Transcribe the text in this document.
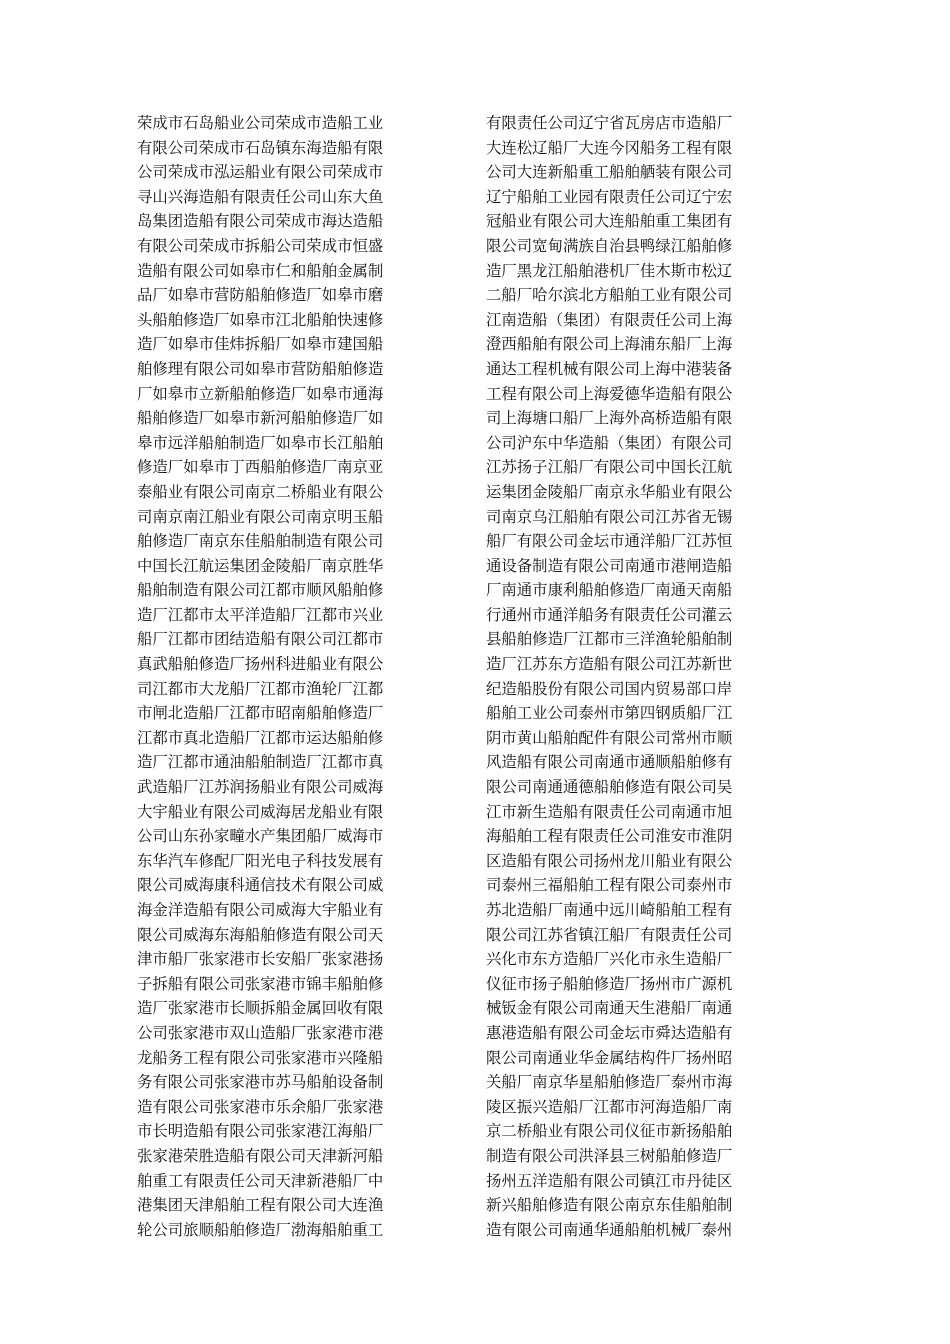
荣成市石岛船业公司荣成市造船工业
有限公司荣成市石岛镇东海造船有限
公司荣成市泓运船业有限公司荣成市
寻山兴海造船有限责任公司山东大鱼
岛集团造船有限公司荣成市海达造船
有限公司荣成市拆船公司荣成市恒盛
造船有限公司如皋市仁和船舶金属制
品厂如皋市营防船舶修造厂如皋市磨
头船舶修造厂如皋市江北船舶快速修
造厂如皋市佳炜拆船厂如皋市建国船
舶修理有限公司如皋市营防船舶修造
厂如皋市立新船舶修造厂如皋市通海
船舶修造厂如皋市新河船舶修造厂如
皋市远洋船舶制造厂如皋市长江船舶
修造厂如皋市丁西船舶修造厂南京亚
泰船业有限公司南京二桥船业有限公
司南京南江船业有限公司南京明玉船
舶修造厂南京东佳船舶制造有限公司
中国长江航运集团金陵船厂南京胜华
船舶制造有限公司江都市顺风船舶修
造厂江都市太平洋造船厂江都市兴业
船厂江都市团结造船有限公司江都市
真武船舶修造厂扬州科进船业有限公
司江都市大龙船厂江都市渔轮厂江都
市闸北造船厂江都市昭南船舶修造厂
江都市真北造船厂江都市运达船舶修
造厂江都市通油船舶制造厂江都市真
武造船厂江苏润扬船业有限公司威海
大宇船业有限公司威海居龙船业有限
公司山东孙家疃水产集团船厂威海市
东华汽车修配厂阳光电子科技发展有
限公司威海康科通信技术有限公司威
海金洋造船有限公司威海大宇船业有
限公司威海东海船舶修造有限公司天
津市船厂张家港市长安船厂张家港扬
子拆船有限公司张家港市锦丰船舶修
造厂张家港市长顺拆船金属回收有限
公司张家港市双山造船厂张家港市港
龙船务工程有限公司张家港市兴隆船
务有限公司张家港市苏马船舶设备制
造有限公司张家港市乐余船厂张家港
市长明造船有限公司张家港江海船厂
张家港荣胜造船有限公司天津新河船
舶重工有限责任公司天津新港船厂中
港集团天津船舶工程有限公司大连渔
轮公司旅顺船舶修造厂渤海船舶重工
有限责任公司辽宁省瓦房店市造船厂
大连松辽船厂大连今冈船务工程有限
公司大连新船重工船舶舾装有限公司
辽宁船舶工业园有限责任公司辽宁宏
冠船业有限公司大连船舶重工集团有
限公司宽甸满族自治县鸭绿江船舶修
造厂黑龙江船舶港机厂佳木斯市松辽
二船厂哈尔滨北方船舶工业有限公司
江南造船（集团）有限责任公司上海
澄西船舶有限公司上海浦东船厂上海
通达工程机械有限公司上海中港装备
工程有限公司上海爱德华造船有限公
司上海塘口船厂上海外高桥造船有限
公司沪东中华造船（集团）有限公司
江苏扬子江船厂有限公司中国长江航
运集团金陵船厂南京永华船业有限公
司南京乌江船舶有限公司江苏省无锡
船厂有限公司金坛市通洋船厂江苏恒
通设备制造有限公司南通市港闸造船
厂南通市康利船舶修造厂南通天南船
行通州市通洋船务有限责任公司灌云
县船舶修造厂江都市三洋渔轮船舶制
造厂江苏东方造船有限公司江苏新世
纪造船股份有限公司国内贸易部口岸
船舶工业公司泰州市第四钢质船厂江
阴市黄山船舶配件有限公司常州市顺
风造船有限公司南通市通顺船舶修有
限公司南通通德船舶修造有限公司吴
江市新生造船有限责任公司南通市旭
海船舶工程有限责任公司淮安市淮阴
区造船有限公司扬州龙川船业有限公
司泰州三福船舶工程有限公司泰州市
苏北造船厂南通中远川崎船舶工程有
限公司江苏省镇江船厂有限责任公司
兴化市东方造船厂兴化市永生造船厂
仪征市扬子船舶修造厂扬州市广源机
械钣金有限公司南通天生港船厂南通
惠港造船有限公司金坛市舜达造船有
限公司南通业华金属结构件厂扬州昭
关船厂南京华星船舶修造厂泰州市海
陵区振兴造船厂江都市河海造船厂南
京二桥船业有限公司仪征市新扬船舶
制造有限公司洪泽县三树船舶修造厂
扬州五洋造船有限公司镇江市丹徒区
新兴船舶修造有限公南京东佳船舶制
造有限公司南通华通船舶机械厂泰州
